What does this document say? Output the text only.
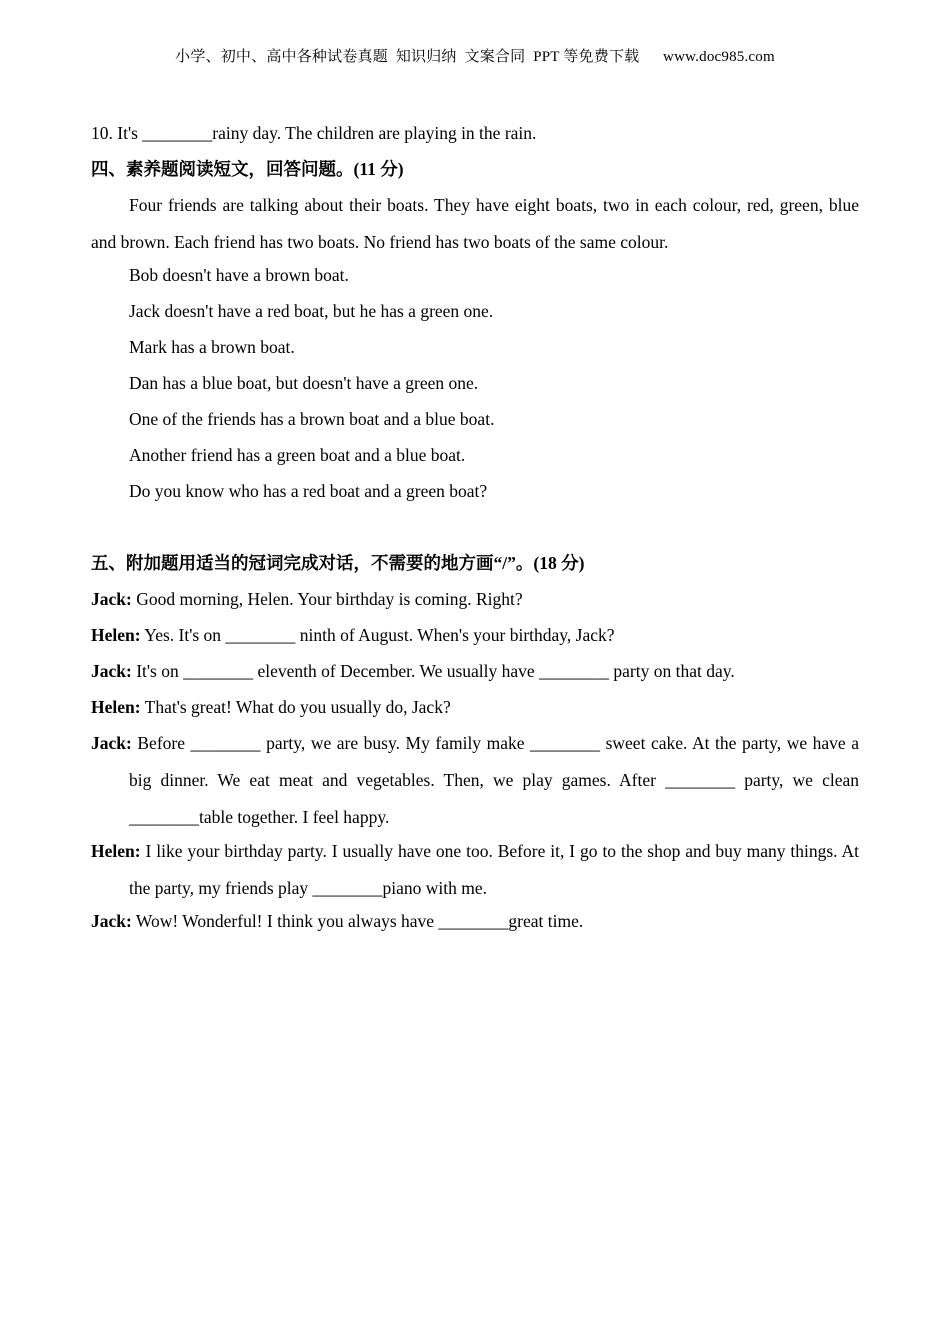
小学、初中、高中各种试卷真题  知识归纳  文案合同  PPT 等免费下载      www.doc985.com
10. It's ________rainy day. The children are playing in the rain.
四、素养题阅读短文，回答问题。(11 分)
Four friends are talking about their boats. They have eight boats, two in each colour, red, green, blue and brown. Each friend has two boats. No friend has two boats of the same colour.
Bob doesn't have a brown boat.
Jack doesn't have a red boat, but he has a green one.
Mark has a brown boat.
Dan has a blue boat, but doesn't have a green one.
One of the friends has a brown boat and a blue boat.
Another friend has a green boat and a blue boat.
Do you know who has a red boat and a green boat?
五、附加题用适当的冠词完成对话，不需要的地方画“/”。(18 分)
Jack: Good morning, Helen. Your birthday is coming. Right?
Helen: Yes. It's on ________ ninth of August. When's your birthday, Jack?
Jack: It's on ________ eleventh of December. We usually have ________ party on that day.
Helen: That's great! What do you usually do, Jack?
Jack: Before ________ party, we are busy. My family make ________ sweet cake. At the party, we have a big dinner. We eat meat and vegetables. Then, we play games. After ________ party, we clean ________table together. I feel happy.
Helen: I like your birthday party. I usually have one too. Before it, I go to the shop and buy many things. At the party, my friends play ________piano with me.
Jack: Wow! Wonderful! I think you always have ________great time.
